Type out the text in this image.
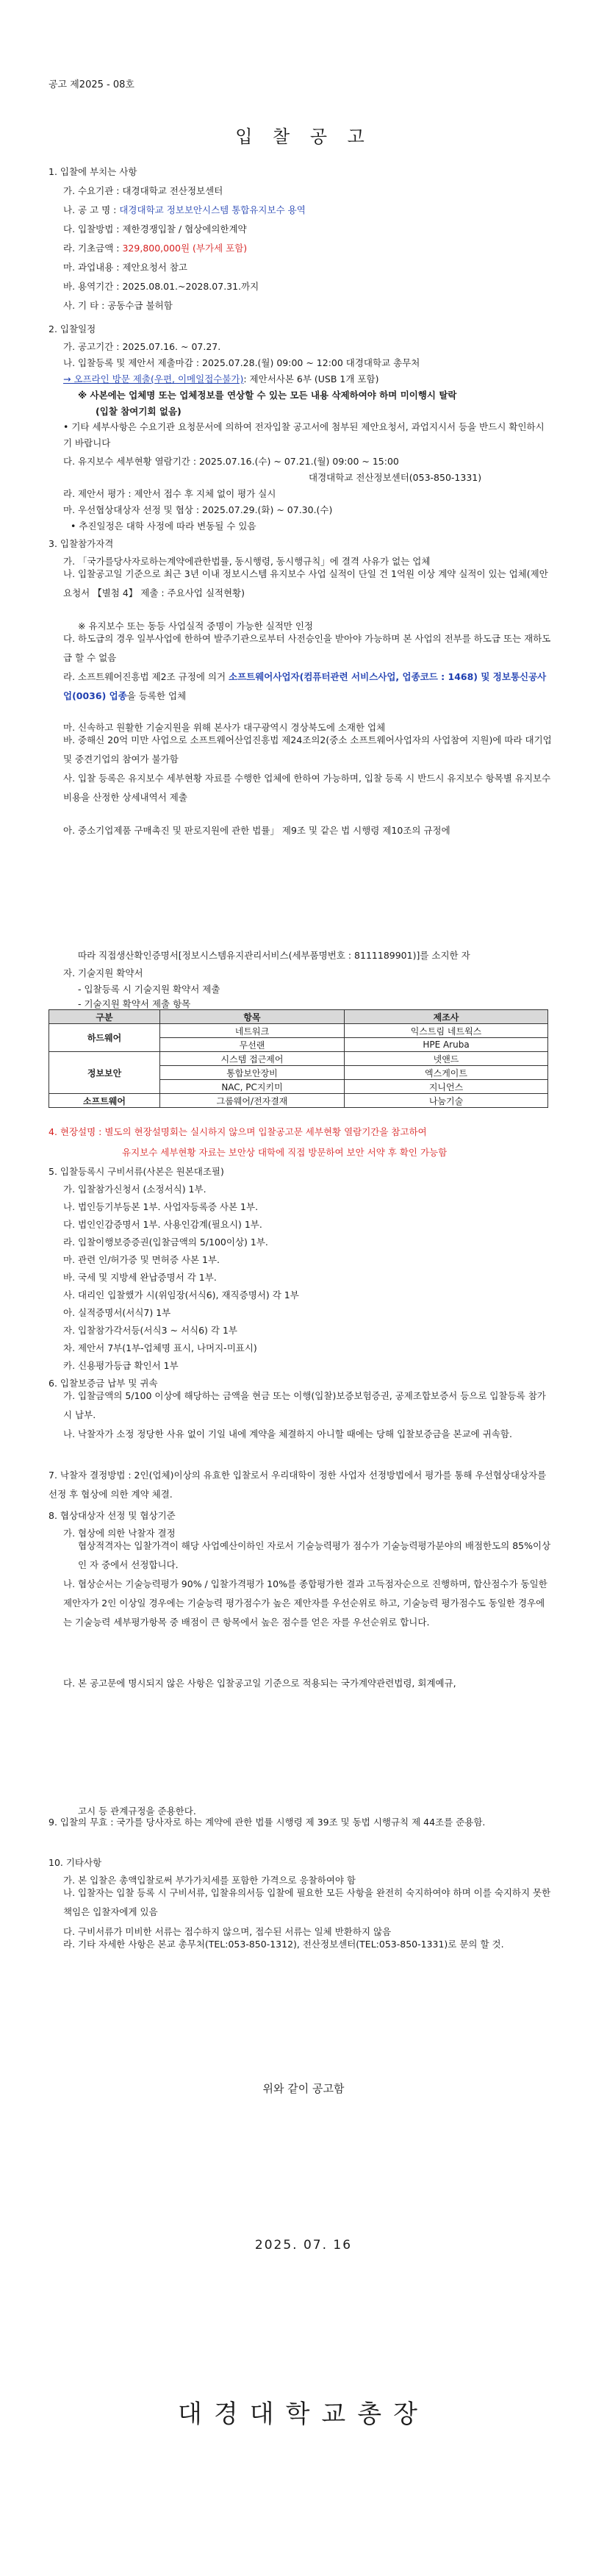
공고 제2025 - 08호
입 찰 공 고
1. 입찰에 부치는 사항
가. 수요기관 : 대경대학교 전산정보센터
나. 공 고 명 : 대경대학교 정보보안시스템 통합유지보수 용역
다. 입찰방법 : 제한경쟁입찰 / 협상에의한계약
라. 기초금액 : 329,800,000원 (부가세 포함)
마. 과업내용 : 제안요청서 참고
바. 용역기간 : 2025.08.01.~2028.07.31.까지
사. 기 타 : 공동수급 불허함
2. 입찰일정
가. 공고기간 : 2025.07.16. ~ 07.27.
나. 입찰등록 및 제안서 제출마감 : 2025.07.28.(월) 09:00 ~ 12:00 대경대학교 총무처
→ 오프라인 방문 제출(우편, 이메일접수불가): 제안서사본 6부 (USB 1개 포함)
※ 사본에는 업체명 또는 업체정보를 연상할 수 있는 모든 내용 삭제하여야 하며 미이행시 탈락
(입찰 참여기회 없음)
• 기타 세부사항은 수요기관 요청문서에 의하여 전자입찰 공고서에 첨부된 제안요청서, 과업지시서 등을 반드시 확인하시기 바랍니다
다. 유지보수 세부현황 열람기간 : 2025.07.16.(수) ~ 07.21.(월) 09:00 ~ 15:00
대경대학교 전산정보센터(053-850-1331)
라. 제안서 평가 : 제안서 접수 후 지체 없이 평가 실시
마. 우선협상대상자 선정 및 협상 : 2025.07.29.(화) ~ 07.30.(수)
• 추진일정은 대학 사정에 따라 변동될 수 있음
3. 입찰참가자격
가. 「국가를당사자로하는계약에관한법률, 동시행령, 동시행규칙」에 결격 사유가 없는 업체
나. 입찰공고일 기준으로 최근 3년 이내 정보시스템 유지보수 사업 실적이 단일 건 1억원 이상 계약 실적이 있는 업체(제안요청서 【별첨 4】 제출 : 주요사업 실적현황)
※ 유지보수 또는 동등 사업실적 중명이 가능한 실적만 인정
다. 하도급의 경우 일부사업에 한하여 발주기관으로부터 사전승인을 받아야 가능하며 본 사업의 전부를 하도급 또는 재하도급 할 수 없음
라. 소프트웨어진흥법 제2조 규정에 의거 소프트웨어사업자(컴퓨터관련 서비스사업, 업종코드 : 1468) 및 정보통신공사업(0036) 업종을 등록한 업체
마. 신속하고 원활한 기술지원을 위해 본사가 대구광역시 경상북도에 소재한 업체
바. 중해신 20억 미만 사업으로 소프트웨어산업진흥법 제24조의2(중소 소프트웨어사업자의 사업참여 지원)에 따라 대기업 및 중견기업의 참여가 불가함
사. 입찰 등록은 유지보수 세부현황 자료를 수행한 업체에 한하여 가능하며, 입찰 등록 시 반드시 유지보수 항목별 유지보수비용을 산정한 상세내역서 제출
아. 중소기업제품 구매촉진 및 판로지원에 관한 법률」 제9조 및 같은 법 시행령 제10조의 규정에
따라 직접생산확인증명서[정보시스템유지관리서비스(세부품명번호 : 8111189901)]를 소지한 자
자. 기술지원 확약서
- 입찰등록 시 기술지원 확약서 제출
- 기술지원 확약서 제출 항목
구분	항목	제조사
하드웨어	네트워크	익스트림 네트웍스
	무선랜	HPE Aruba
정보보안	시스템 접근제어	넷앤드
	통합보안장비	엑스게이트
	NAC, PC지키미	지니언스
소프트웨어	그룹웨어/전자결재	나눔기술
4. 현장설명 : 별도의 현장설명회는 실시하지 않으며 입찰공고문 세부현황 열람기간을 참고하여
유지보수 세부현황 자료는 보안상 대학에 직접 방문하여 보안 서약 후 확인 가능함
5. 입찰등록시 구비서류(사본은 원본대조필)
가. 입찰참가신청서 (소정서식) 1부.
나. 법인등기부등본 1부. 사업자등록증 사본 1부.
다. 법인인감증명서 1부. 사용인감계(필요시) 1부.
라. 입찰이행보증증권(입찰금액의 5/100이상) 1부.
마. 관련 인/허가증 및 면허증 사본 1부.
바. 국세 및 지방세 완납증명서 각 1부.
사. 대리인 입찰했가 시(위임장(서식6), 재직증명서) 각 1부
아. 실적증명서(서식7) 1부
자. 입찰참가각서등(서식3 ~ 서식6) 각 1부
차. 제안서 7부(1부-업체명 표시, 나머지-미표시)
카. 신용평가등급 확인서 1부
6. 입찰보증금 납부 및 귀속
가. 입찰금액의 5/100 이상에 해당하는 금액을 현금 또는 이행(입찰)보증보험증권, 공제조합보증서 등으로 입찰등록 참가 시 납부.
나. 낙찰자가 소정 정당한 사유 없이 기일 내에 계약을 체결하지 아니할 때에는 당해 입찰보증금을 본교에 귀속함.
7. 낙찰자 결정방법 : 2인(업체)이상의 유효한 입찰로서 우리대학이 정한 사업자 선정방법에서 평가를 통해 우선협상대상자를 선정 후 협상에 의한 계약 체결.
8. 협상대상자 선정 및 협상기준
가. 협상에 의한 낙찰자 결정
협상적격자는 입찰가격이 해당 사업예산이하인 자로서 기술능력평가 점수가 기술능력평가분야의 배점한도의 85%이상인 자 중에서 선정합니다.
나. 협상순서는 기술능력평가 90% / 입찰가격평가 10%를 종합평가한 결과 고득점자순으로 진행하며, 합산점수가 동일한 제안자가 2인 이상일 경우에는 기술능력 평가점수가 높은 제안자를 우선순위로 하고, 기술능력 평가점수도 동일한 경우에는 기술능력 세부평가항목 중 배점이 큰 항목에서 높은 점수를 얻은 자를 우선순위로 합니다.
다. 본 공고문에 명시되지 않은 사항은 입찰공고일 기준으로 적용되는 국가계약관련법령, 회계예규,
고시 등 관계규정을 준용한다.
9. 입찰의 무효 : 국가를 당사자로 하는 계약에 관한 법률 시행령 제 39조 및 동법 시행규칙 제 44조를 준용함.
10. 기타사항
가. 본 입찰은 총액입찰로써 부가가치세를 포함한 가격으로 응찰하여야 함
나. 입찰자는 입찰 등록 시 구비서류, 입찰유의서등 입찰에 필요한 모든 사항을 완전히 숙지하여야 하며 이를 숙지하지 못한 책임은 입찰자에게 있음
다. 구비서류가 미비한 서류는 접수하지 않으며, 접수된 서류는 일체 반환하지 않음
라. 기타 자세한 사항은 본교 총무처(TEL:053-850-1312), 전산정보센터(TEL:053-850-1331)로 문의 할 것.
위와 같이 공고함
2025. 07. 16
대경대학교총장
